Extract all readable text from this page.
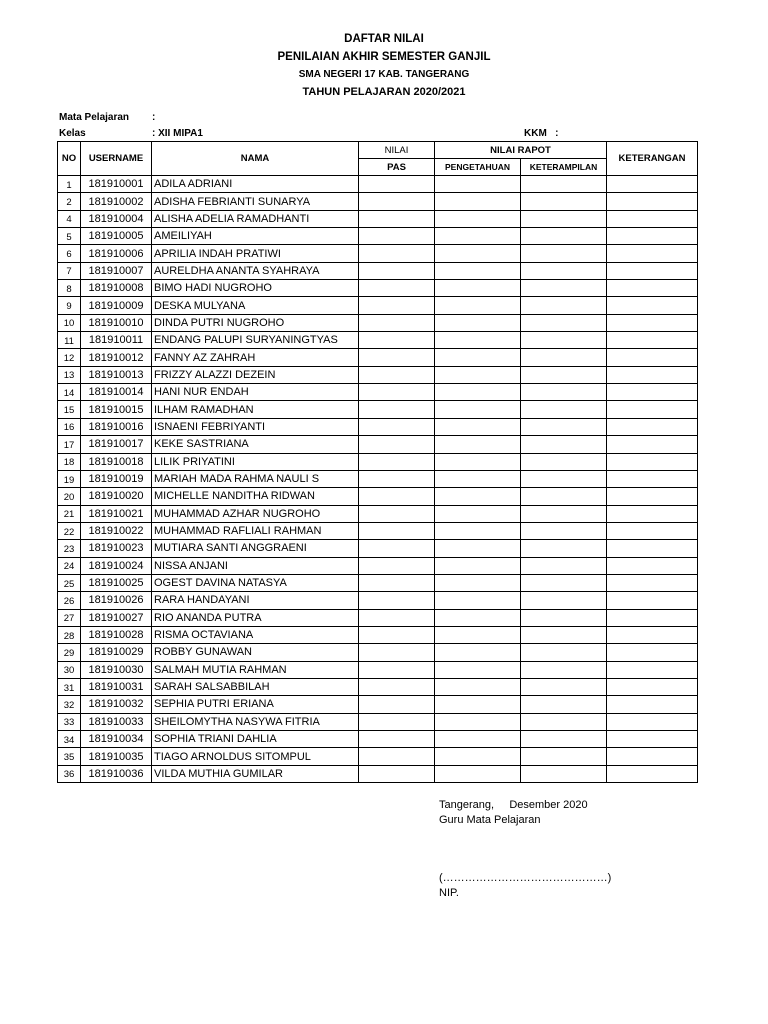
DAFTAR NILAI
PENILAIAN AKHIR SEMESTER GANJIL
SMA NEGERI 17 KAB. TANGERANG
TAHUN PELAJARAN 2020/2021
Mata Pelajaran :
Kelas	: XII MIPA1	KKM   :
NO	USERNAME	NAMA	NILAI	NILAI RAPOT		KETERANGAN
			PAS	PENGETAHUAN	KETERAMPILAN	
1	181910001	ADILA ADRIANI				
2	181910002	ADISHA FEBRIANTI SUNARYA				
4	181910004	ALISHA ADELIA RAMADHANTI				
5	181910005	AMEILIYAH				
6	181910006	APRILIA INDAH PRATIWI				
7	181910007	AURELDHA ANANTA SYAHRAYA				
8	181910008	BIMO HADI NUGROHO				
9	181910009	DESKA MULYANA				
10	181910010	DINDA PUTRI NUGROHO				
11	181910011	ENDANG PALUPI SURYANINGTYAS				
12	181910012	FANNY AZ ZAHRAH				
13	181910013	FRIZZY ALAZZI DEZEIN				
14	181910014	HANI NUR ENDAH				
15	181910015	ILHAM RAMADHAN				
16	181910016	ISNAENI FEBRIYANTI				
17	181910017	KEKE SASTRIANA				
18	181910018	LILIK PRIYATINI				
19	181910019	MARIAH MADA RAHMA NAULI S				
20	181910020	MICHELLE NANDITHA RIDWAN				
21	181910021	MUHAMMAD AZHAR NUGROHO				
22	181910022	MUHAMMAD RAFLIALI RAHMAN				
23	181910023	MUTIARA SANTI ANGGRAENI				
24	181910024	NISSA ANJANI				
25	181910025	OGEST DAVINA NATASYA				
26	181910026	RARA HANDAYANI				
27	181910027	RIO ANANDA PUTRA				
28	181910028	RISMA OCTAVIANA				
29	181910029	ROBBY GUNAWAN				
30	181910030	SALMAH MUTIA RAHMAN				
31	181910031	SARAH SALSABBILAH				
32	181910032	SEPHIA PUTRI ERIANA				
33	181910033	SHEILOMYTHA NASYWA FITRIA				
34	181910034	SOPHIA TRIANI DAHLIA				
35	181910035	TIAGO ARNOLDUS SITOMPUL				
36	181910036	VILDA MUTHIA GUMILAR				
Tangerang,     Desember 2020
Guru Mata Pelajaran
(………………………………………)
NIP.
